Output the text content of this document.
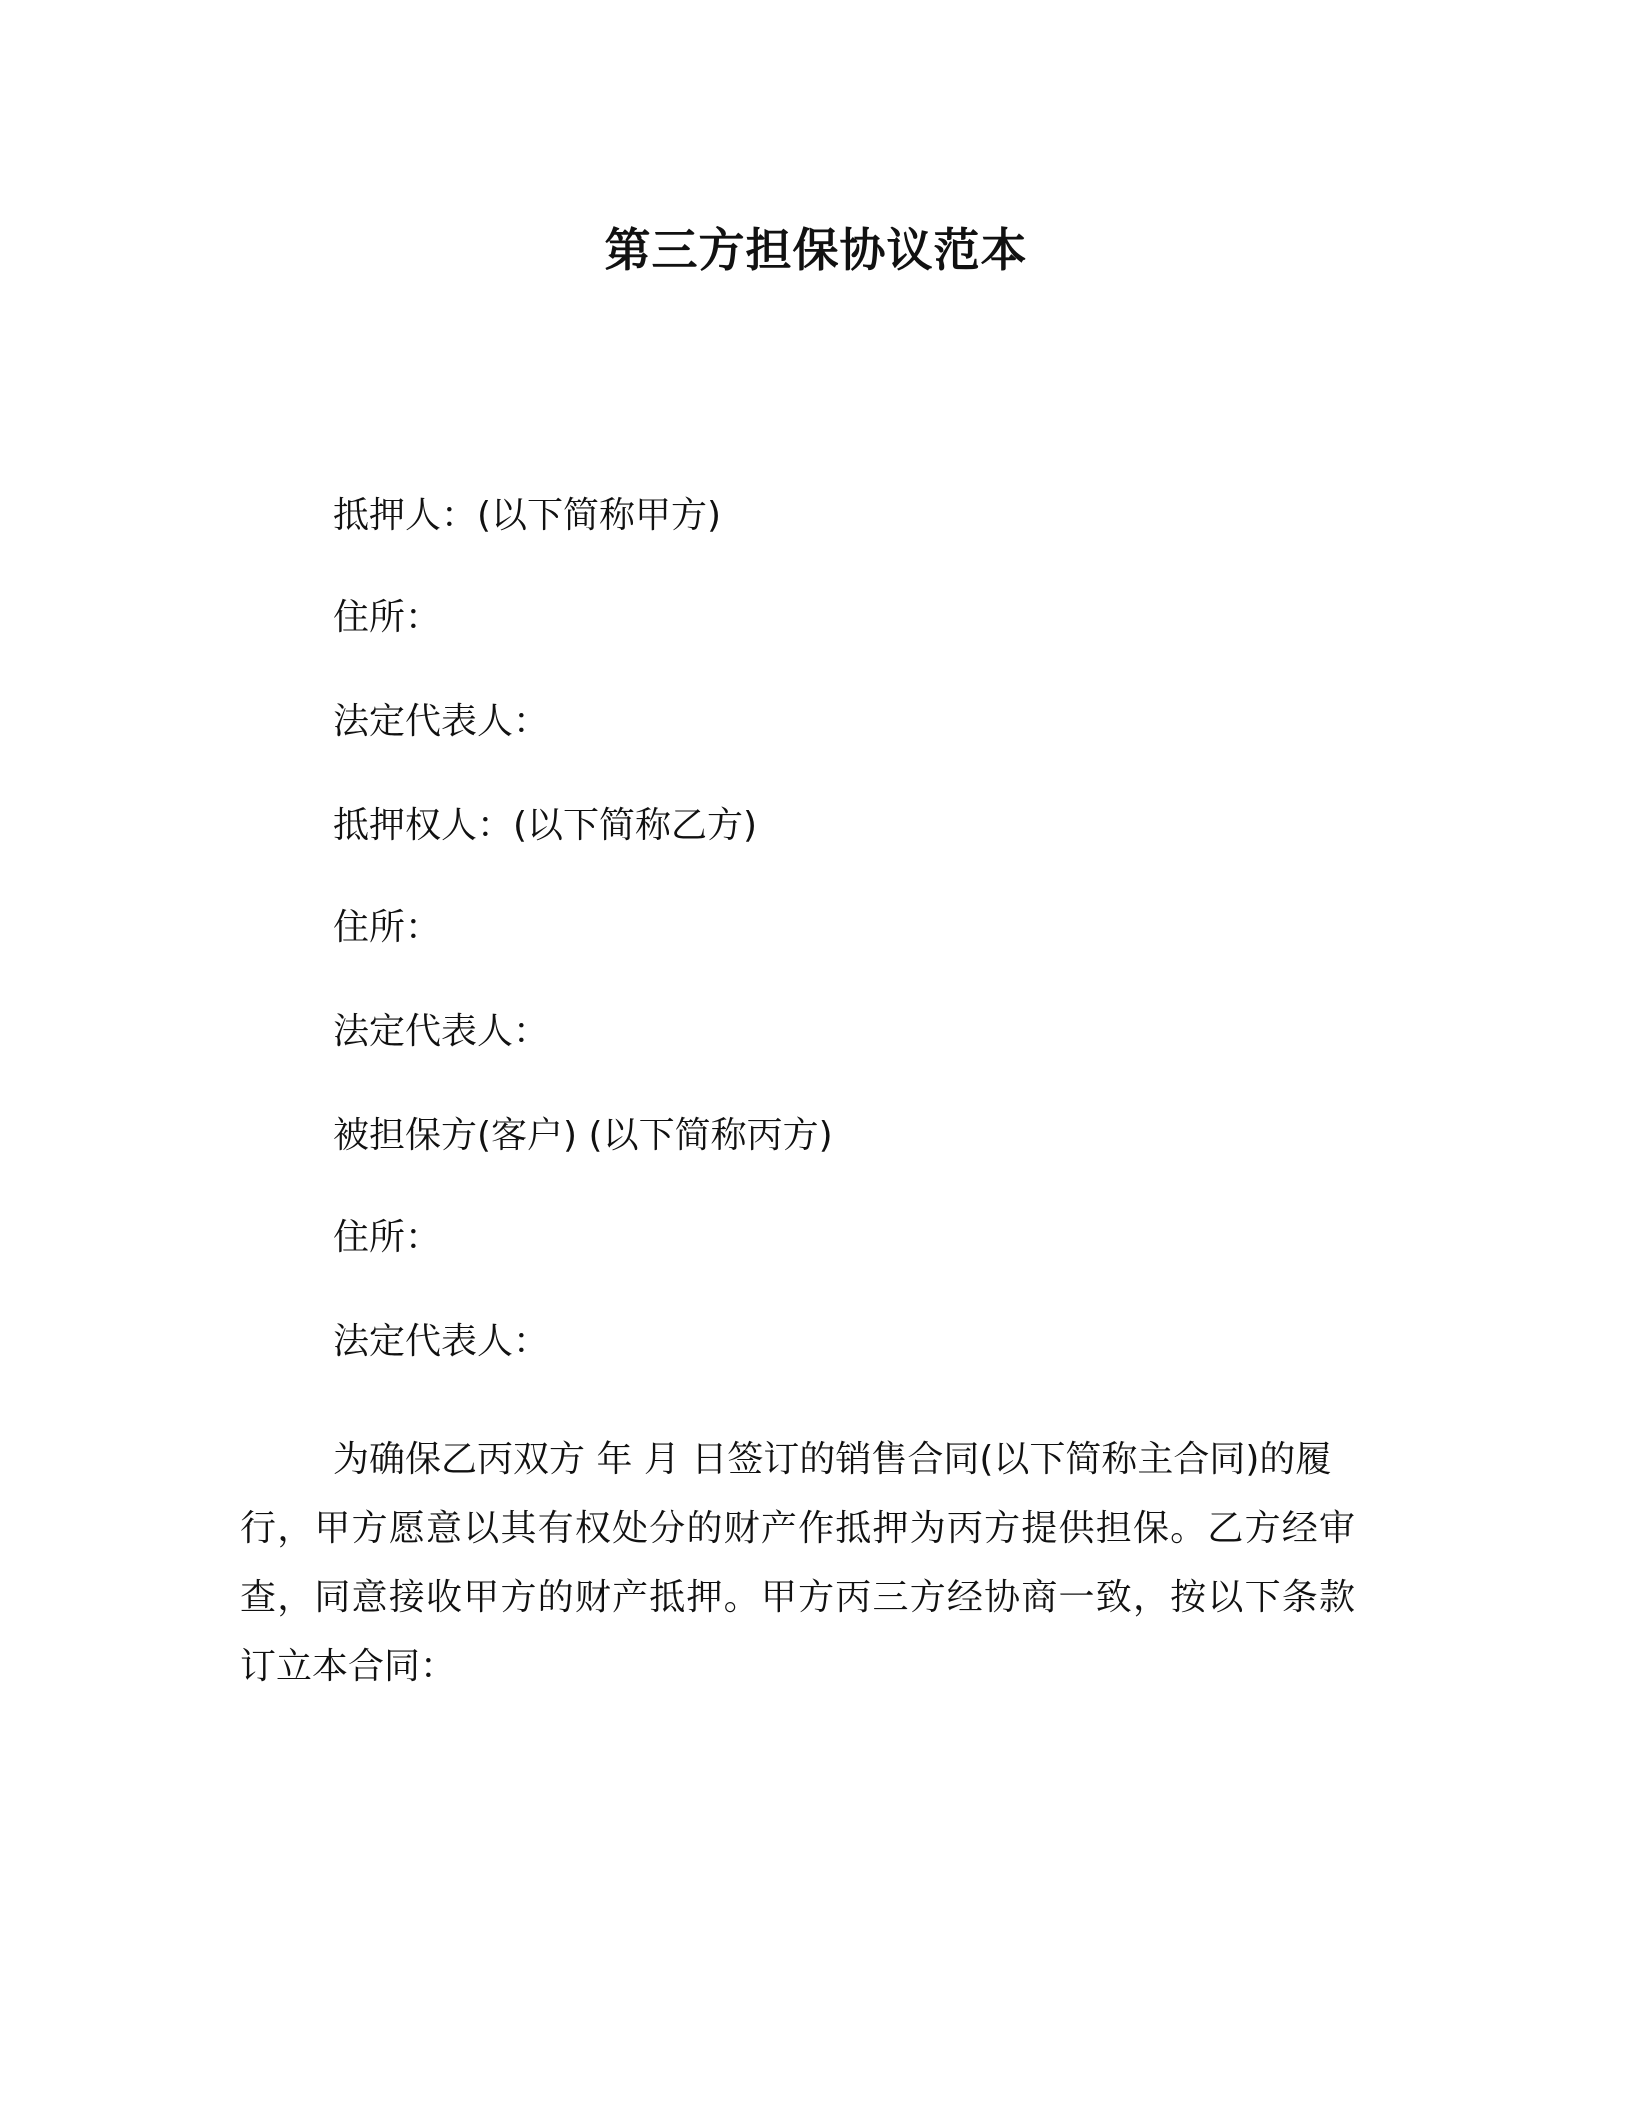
第三方担保协议范本
抵押人：(以下简称甲方)
住所：
法定代表人：
抵押权人：(以下简称乙方)
住所：
法定代表人：
被担保方(客户) (以下简称丙方)
住所：
法定代表人：
为确保乙丙双方 年 月 日签订的销售合同(以下简称主合同)的履
行，甲方愿意以其有权处分的财产作抵押为丙方提供担保。乙方经审
查，同意接收甲方的财产抵押。甲方丙三方经协商一致，按以下条款
订立本合同：
